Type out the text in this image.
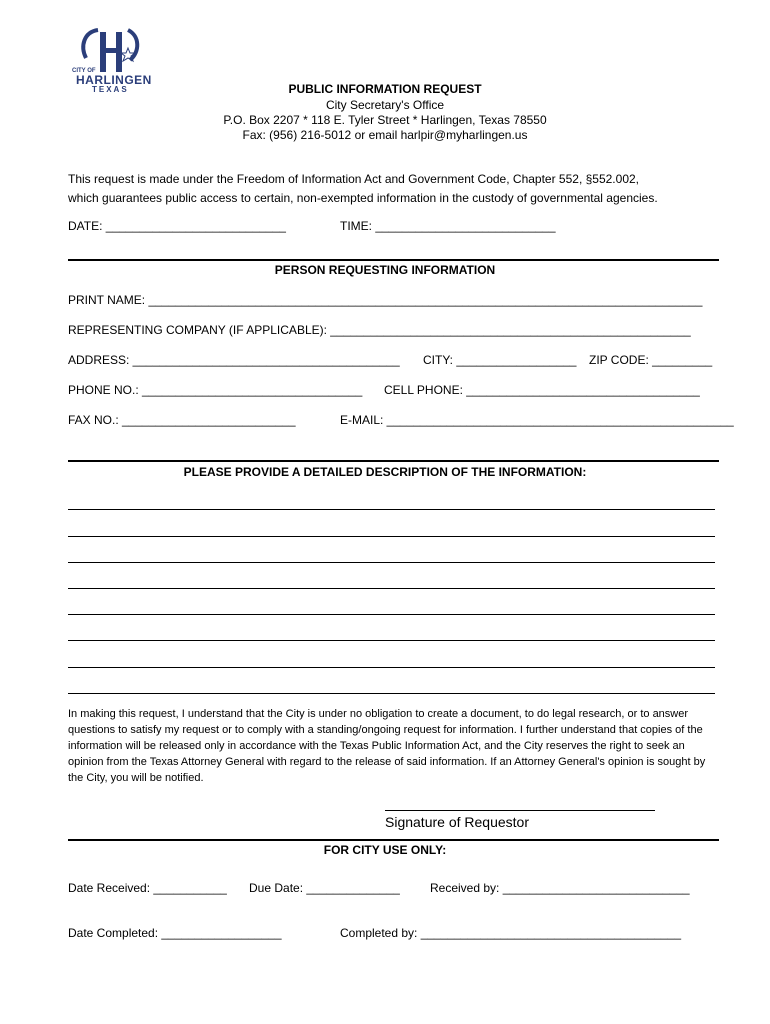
CITY OF
HARLINGEN
TEXAS	PUBLIC INFORMATION REQUEST
City Secretary's Office
P.O. Box 2207 * 118 E. Tyler Street * Harlingen, Texas 78550
Fax: (956) 216-5012 or email harlpir@myharlingen.us
This request is made under the Freedom of Information Act and Government Code, Chapter 552, §552.002,
which guarantees public access to certain, non-exempted information in the custody of governmental agencies.
DATE: ___________________________	TIME: ___________________________
PERSON REQUESTING INFORMATION
PRINT NAME: ___________________________________________________________________________________
REPRESENTING COMPANY (IF APPLICABLE): ______________________________________________________
ADDRESS: ________________________________________ CITY: __________________ ZIP CODE: _________
PHONE NO.: _________________________________ CELL PHONE: ___________________________________
FAX NO.: __________________________	E-MAIL: ____________________________________________________
PLEASE PROVIDE A DETAILED DESCRIPTION OF THE INFORMATION:
In making this request, I understand that the City is under no obligation to create a document, to do legal research, or to answer questions to satisfy my request or to comply with a standing/ongoing request for information. I further understand that copies of the information will be released only in accordance with the Texas Public Information Act, and the City reserves the right to seek an opinion from the Texas Attorney General with regard to the release of said information. If an Attorney General's opinion is sought by the City, you will be notified.
Signature of Requestor
FOR CITY USE ONLY:
Date Received: ___________ Due Date: ______________	Received by: ____________________________
Date Completed: __________________	Completed by: _______________________________________
